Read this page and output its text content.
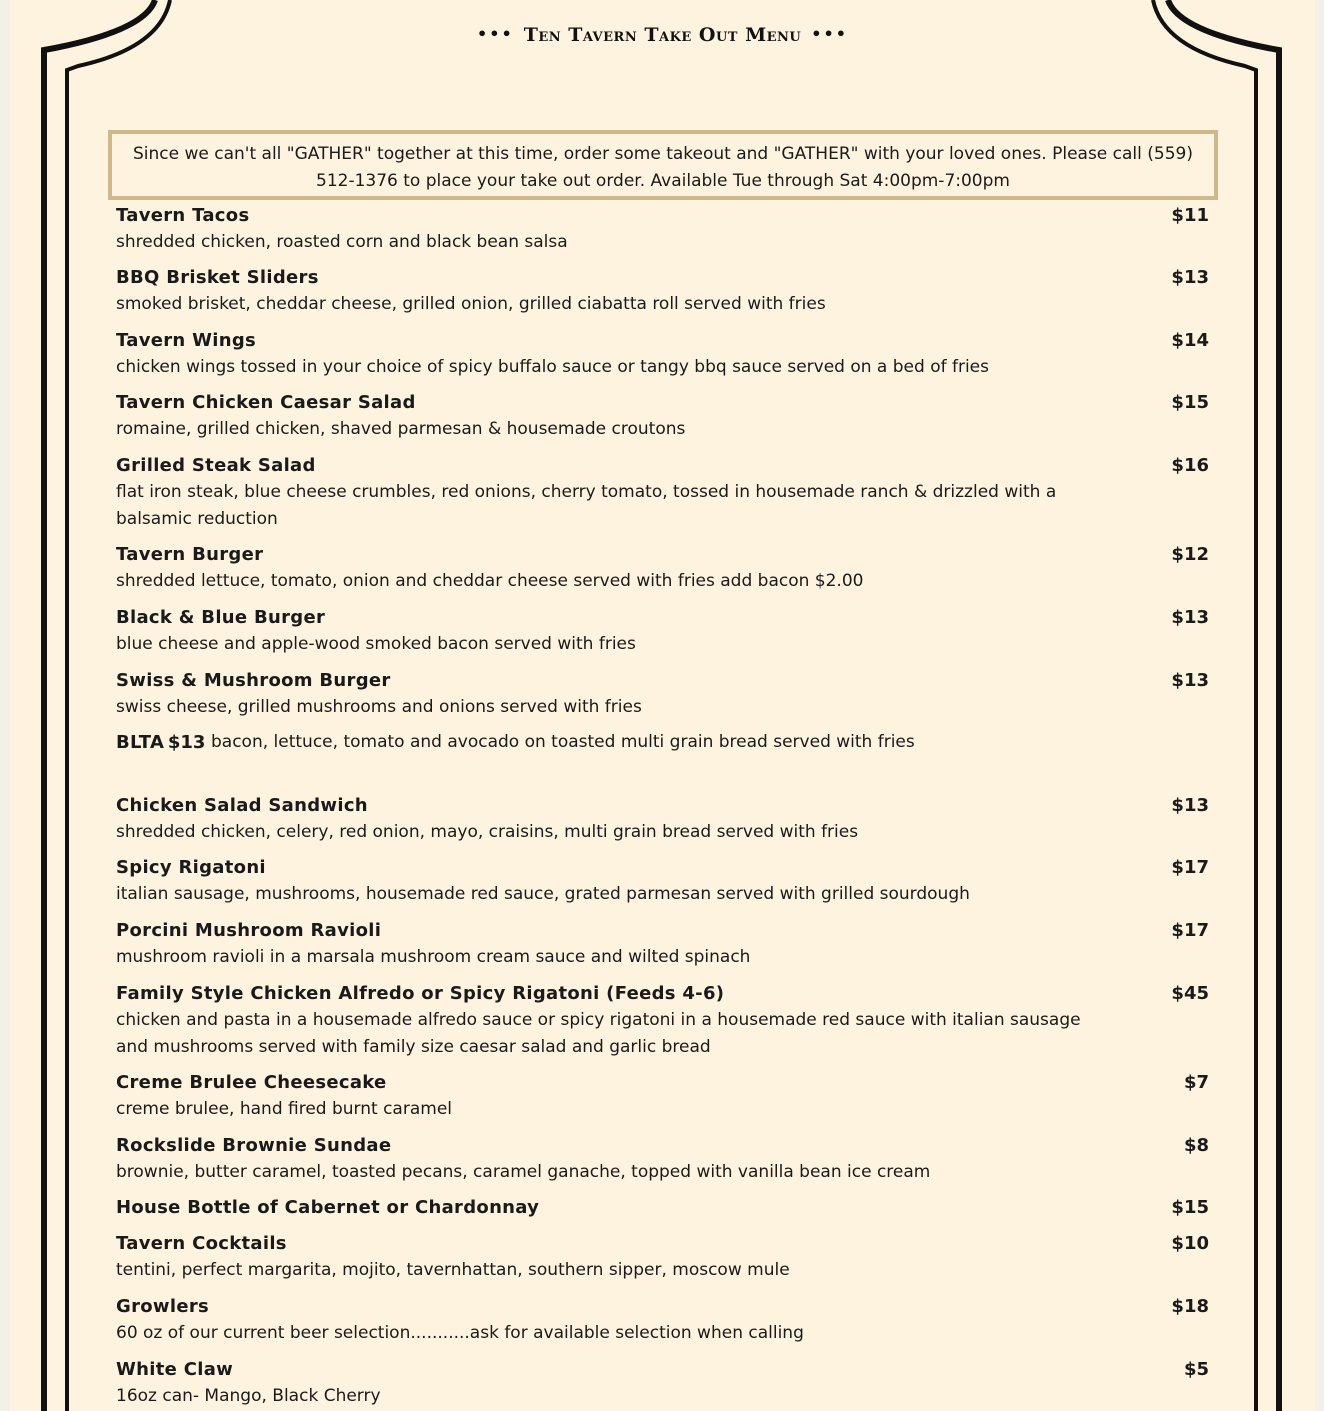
••• Ten Tavern Take Out Menu •••
Since we can't all "GATHER" together at this time, order some takeout and "GATHER" with your loved ones. Please call (559) 512-1376 to place your take out order. Available Tue through Sat 4:00pm-7:00pm
Tavern Tacos	$11
shredded chicken, roasted corn and black bean salsa
BBQ Brisket Sliders	$13
smoked brisket, cheddar cheese, grilled onion, grilled ciabatta roll served with fries
Tavern Wings	$14
chicken wings tossed in your choice of spicy buffalo sauce or tangy bbq sauce served on a bed of fries
Tavern Chicken Caesar Salad	$15
romaine, grilled chicken, shaved parmesan & housemade croutons
Grilled Steak Salad	$16
flat iron steak, blue cheese crumbles, red onions, cherry tomato, tossed in housemade ranch & drizzled with a balsamic reduction
Tavern Burger	$12
shredded lettuce, tomato, onion and cheddar cheese served with fries add bacon $2.00
Black & Blue Burger	$13
blue cheese and apple-wood smoked bacon served with fries
Swiss & Mushroom Burger	$13
swiss cheese, grilled mushrooms and onions served with fries
BLTA $13 bacon, lettuce, tomato and avocado on toasted multi grain bread served with fries
Chicken Salad Sandwich	$13
shredded chicken, celery, red onion, mayo, craisins, multi grain bread served with fries
Spicy Rigatoni	$17
italian sausage, mushrooms, housemade red sauce, grated parmesan served with grilled sourdough
Porcini Mushroom Ravioli	$17
mushroom ravioli in a marsala mushroom cream sauce and wilted spinach
Family Style Chicken Alfredo or Spicy Rigatoni (Feeds 4-6)	$45
chicken and pasta in a housemade alfredo sauce or spicy rigatoni in a housemade red sauce with italian sausage and mushrooms served with family size caesar salad and garlic bread
Creme Brulee Cheesecake	$7
creme brulee, hand fired burnt caramel
Rockslide Brownie Sundae	$8
brownie, butter caramel, toasted pecans, caramel ganache, topped with vanilla bean ice cream
House Bottle of Cabernet or Chardonnay	$15
Tavern Cocktails	$10
tentini, perfect margarita, mojito, tavernhattan, southern sipper, moscow mule
Growlers	$18
60 oz of our current beer selection...........ask for available selection when calling
White Claw	$5
16oz can- Mango, Black Cherry
